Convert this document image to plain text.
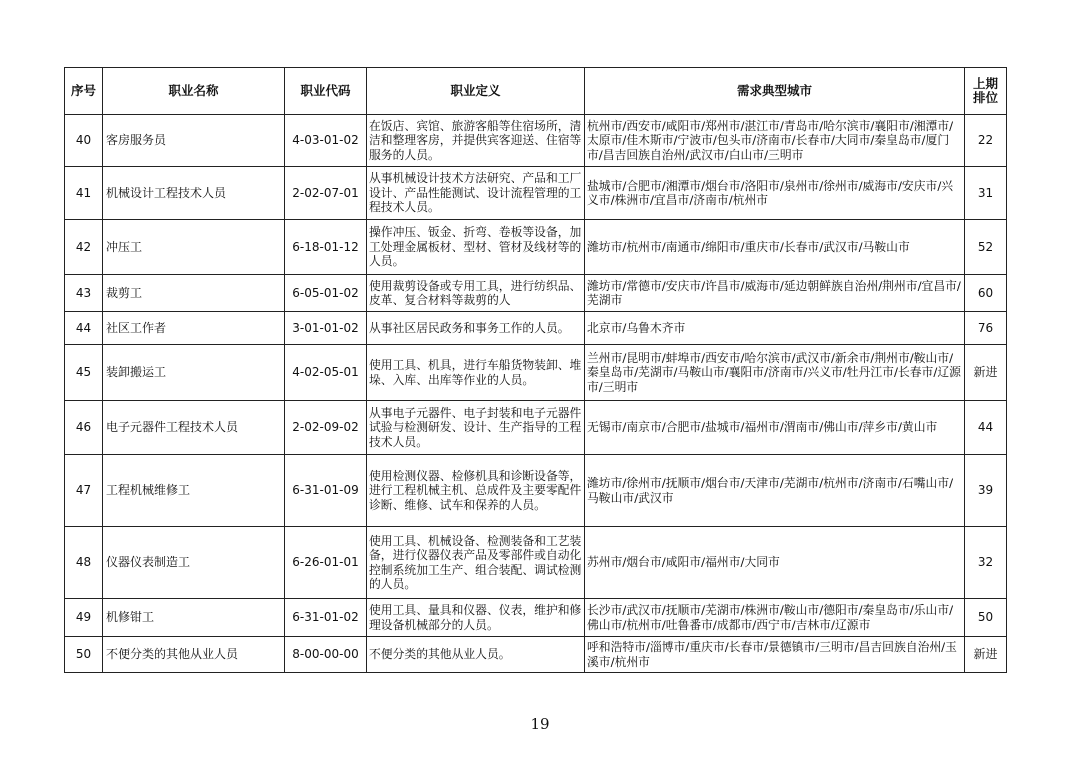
序号	职业名称	职业代码	职业定义	需求典型城市	上期排位
40	客房服务员	4-03-01-02	在饭店、宾馆、旅游客船等住宿场所，清洁和整理客房，并提供宾客迎送、住宿等服务的人员。	杭州市/西安市/咸阳市/郑州市/湛江市/青岛市/哈尔滨市/襄阳市/湘潭市/太原市/佳木斯市/宁波市/包头市/济南市/长春市/大同市/秦皇岛市/厦门市/昌吉回族自治州/武汉市/白山市/三明市	22
41	机械设计工程技术人员	2-02-07-01	从事机械设计技术方法研究、产品和工厂设计、产品性能测试、设计流程管理的工程技术人员。	盐城市/合肥市/湘潭市/烟台市/洛阳市/泉州市/徐州市/威海市/安庆市/兴义市/株洲市/宜昌市/济南市/杭州市	31
42	冲压工	6-18-01-12	操作冲压、钣金、折弯、卷板等设备，加工处理金属板材、型材、管材及线材等的人员。	潍坊市/杭州市/南通市/绵阳市/重庆市/长春市/武汉市/马鞍山市	52
43	裁剪工	6-05-01-02	使用裁剪设备或专用工具，进行纺织品、皮革、复合材料等裁剪的人	潍坊市/常德市/安庆市/许昌市/威海市/延边朝鲜族自治州/荆州市/宜昌市/芜湖市	60
44	社区工作者	3-01-01-02	从事社区居民政务和事务工作的人员。	北京市/乌鲁木齐市	76
45	装卸搬运工	4-02-05-01	使用工具、机具，进行车船货物装卸、堆垛、入库、出库等作业的人员。	兰州市/昆明市/蚌埠市/西安市/哈尔滨市/武汉市/新余市/荆州市/鞍山市/秦皇岛市/芜湖市/马鞍山市/襄阳市/济南市/兴义市/牡丹江市/长春市/辽源市/三明市	新进
46	电子元器件工程技术人员	2-02-09-02	从事电子元器件、电子封装和电子元器件试验与检测研发、设计、生产指导的工程技术人员。	无锡市/南京市/合肥市/盐城市/福州市/渭南市/佛山市/萍乡市/黄山市	44
47	工程机械维修工	6-31-01-09	使用检测仪器、检修机具和诊断设备等，进行工程机械主机、总成件及主要零配件诊断、维修、试车和保养的人员。	潍坊市/徐州市/抚顺市/烟台市/天津市/芜湖市/杭州市/济南市/石嘴山市/马鞍山市/武汉市	39
48	仪器仪表制造工	6-26-01-01	使用工具、机械设备、检测装备和工艺装备，进行仪器仪表产品及零部件或自动化控制系统加工生产、组合装配、调试检测的人员。	苏州市/烟台市/咸阳市/福州市/大同市	32
49	机修钳工	6-31-01-02	使用工具、量具和仪器、仪表，维护和修理设备机械部分的人员。	长沙市/武汉市/抚顺市/芜湖市/株洲市/鞍山市/德阳市/秦皇岛市/乐山市/佛山市/杭州市/吐鲁番市/成都市/西宁市/吉林市/辽源市	50
50	不便分类的其他从业人员	8-00-00-00	不便分类的其他从业人员。	呼和浩特市/淄博市/重庆市/长春市/景德镇市/三明市/昌吉回族自治州/玉溪市/杭州市	新进
19
